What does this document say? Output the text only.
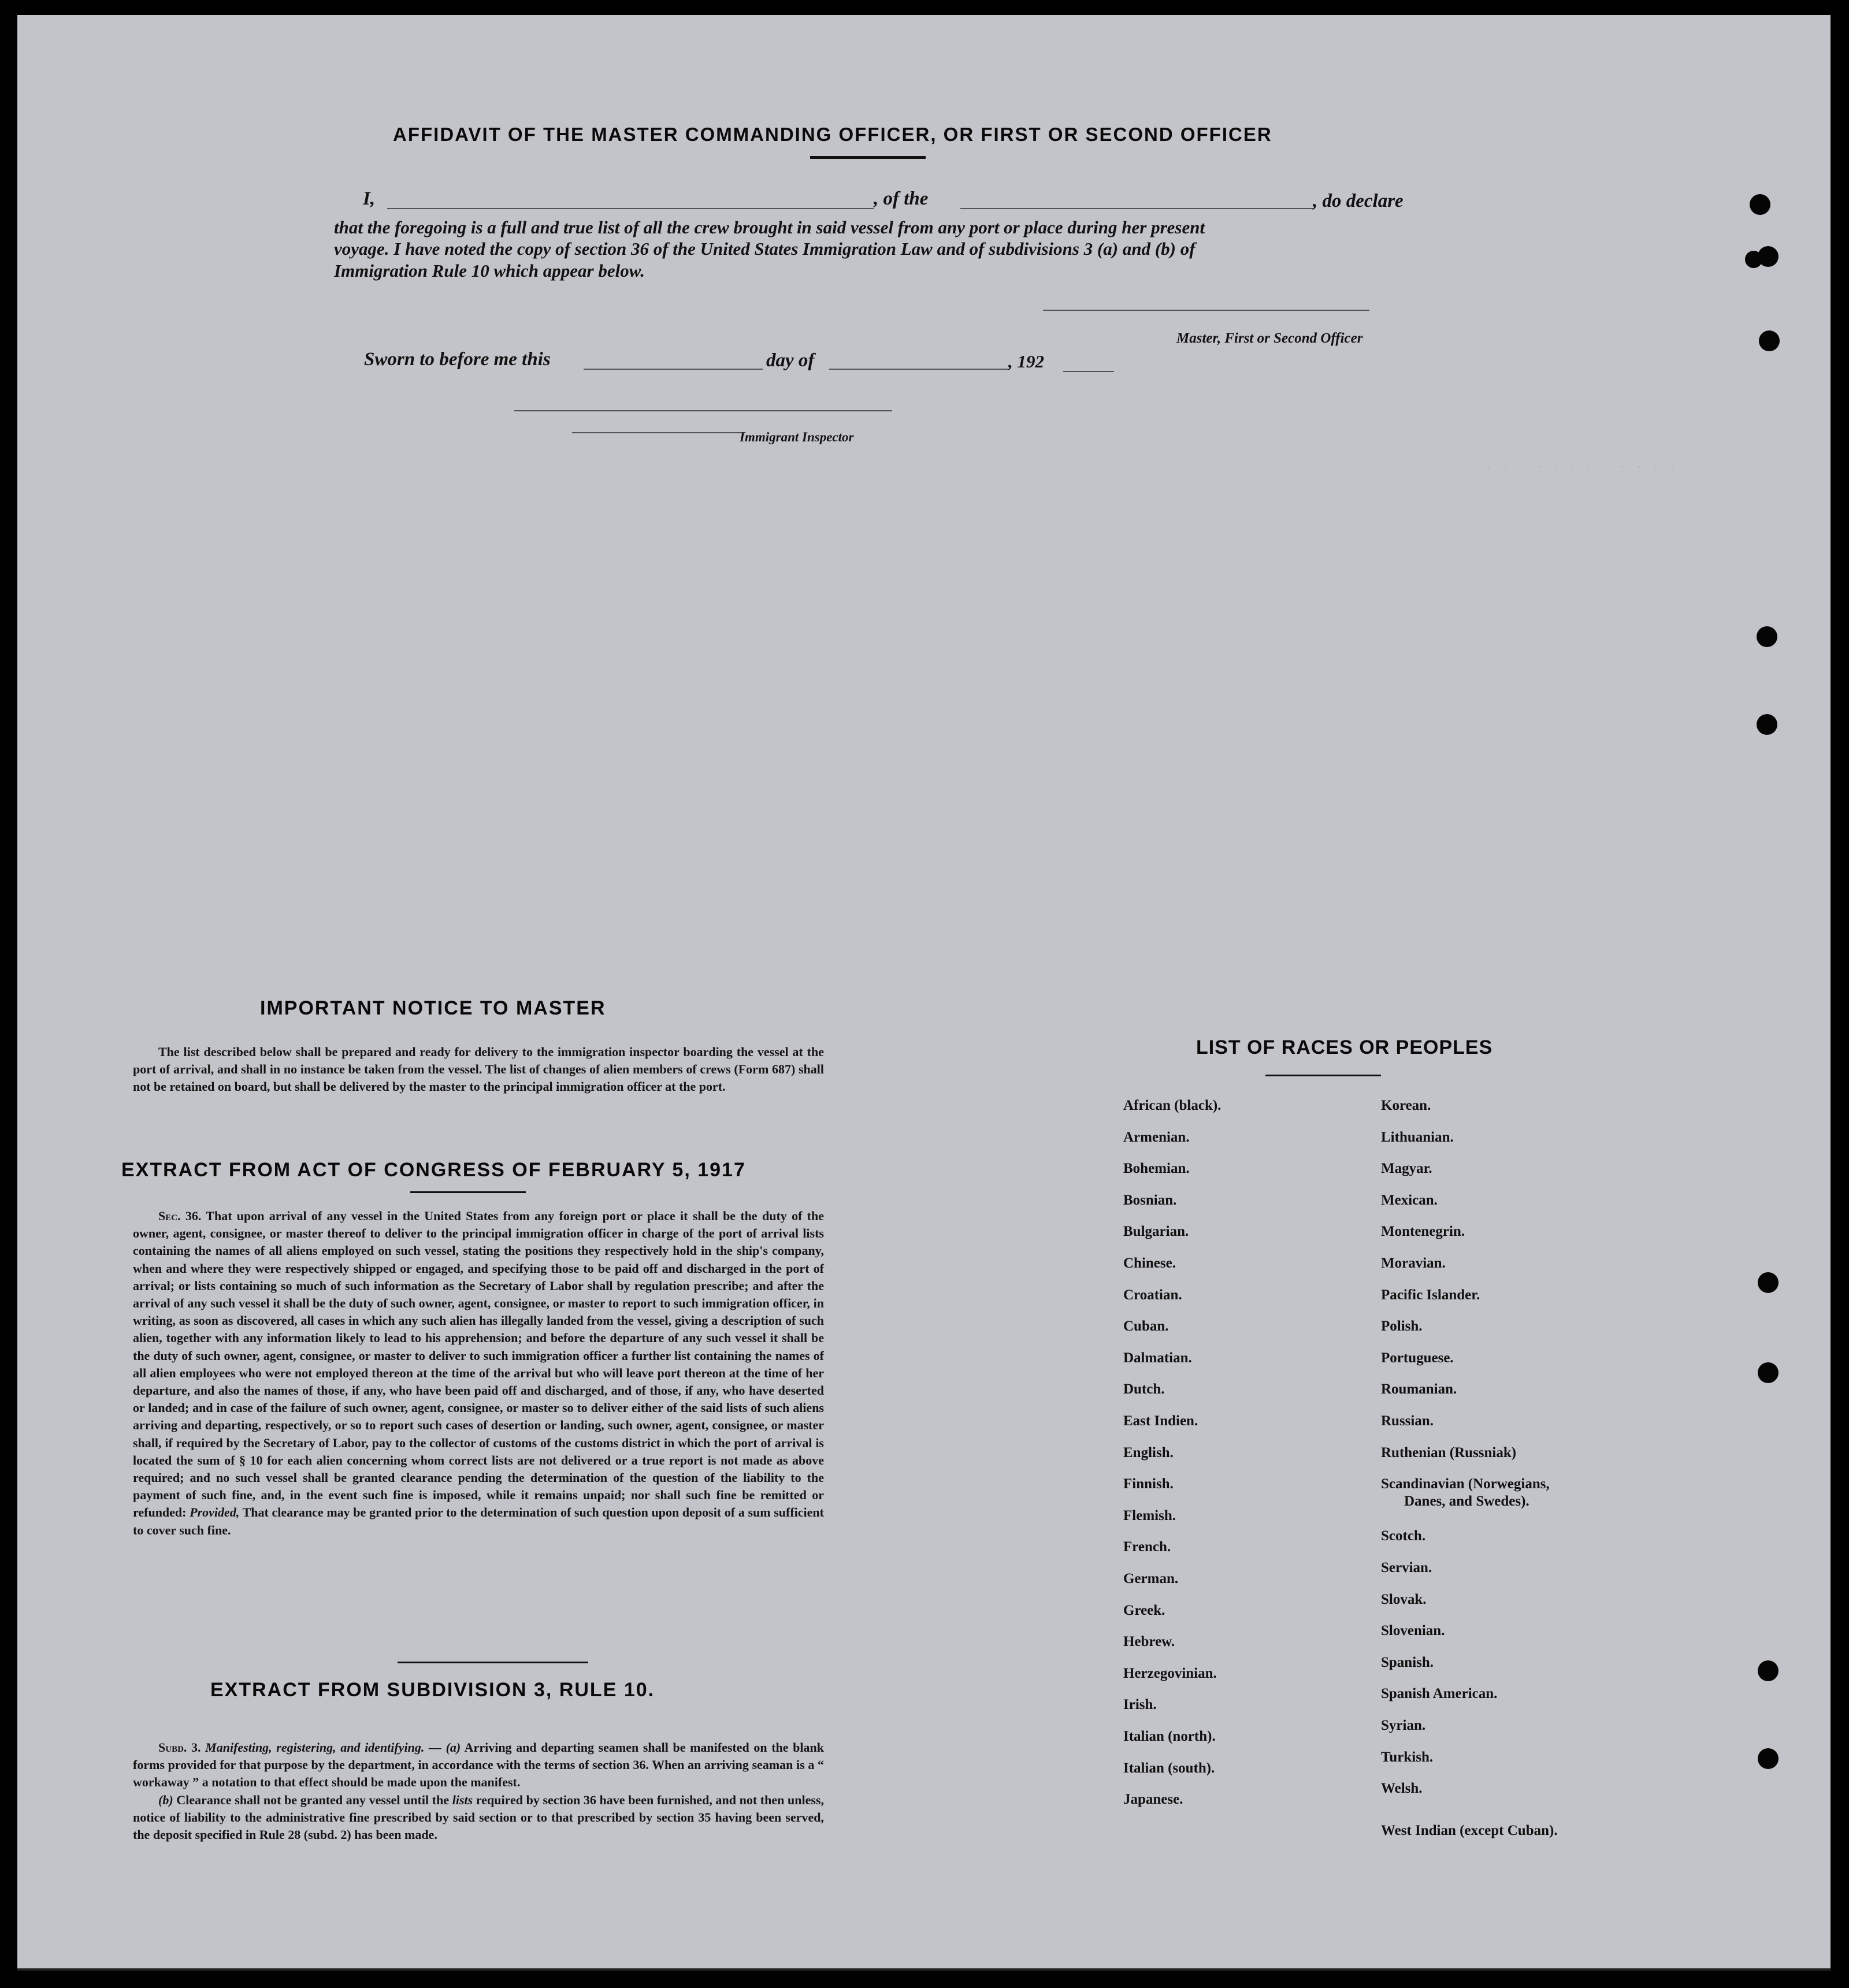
· · · · · · · · · · · ·
AFFIDAVIT OF THE MASTER COMMANDING OFFICER, OR FIRST OR SECOND OFFICER
I,	, of the	, do declare
that the foregoing is a full and true list of all the crew brought in said vessel from any port or place during her present
voyage. I have noted the copy of section 36 of the United States Immigration Law and of subdivisions 3 (a) and (b) of
Immigration Rule 10 which appear below.
Master, First or Second Officer
Sworn to before me this	day of	, 192
Immigrant Inspector
IMPORTANT NOTICE TO MASTER
The list described below shall be prepared and ready for delivery to the immigration inspector boarding the vessel at the port of arrival, and shall in no instance be taken from the vessel. The list of changes of alien members of crews (Form 687) shall not be retained on board, but shall be delivered by the master to the principal immigration officer at the port.
EXTRACT FROM ACT OF CONGRESS OF FEBRUARY 5, 1917
Sec. 36. That upon arrival of any vessel in the United States from any foreign port or place it shall be the duty of the owner, agent, consignee, or master thereof to deliver to the principal immigration officer in charge of the port of arrival lists containing the names of all aliens employed on such vessel, stating the positions they respectively hold in the ship's company, when and where they were respectively shipped or engaged, and specifying those to be paid off and discharged in the port of arrival; or lists containing so much of such information as the Secretary of Labor shall by regulation prescribe; and after the arrival of any such vessel it shall be the duty of such owner, agent, consignee, or master to report to such immigration officer, in writing, as soon as discovered, all cases in which any such alien has illegally landed from the vessel, giving a description of such alien, together with any information likely to lead to his apprehension; and before the departure of any such vessel it shall be the duty of such owner, agent, consignee, or master to deliver to such immigration officer a further list containing the names of all alien employees who were not employed thereon at the time of the arrival but who will leave port thereon at the time of her departure, and also the names of those, if any, who have been paid off and discharged, and of those, if any, who have deserted or landed; and in case of the failure of such owner, agent, consignee, or master so to deliver either of the said lists of such aliens arriving and departing, respectively, or so to report such cases of desertion or landing, such owner, agent, consignee, or master shall, if required by the Secretary of Labor, pay to the collector of customs of the customs district in which the port of arrival is located the sum of § 10 for each alien concerning whom correct lists are not delivered or a true report is not made as above required; and no such vessel shall be granted clearance pending the determination of the question of the liability to the payment of such fine, and, in the event such fine is imposed, while it remains unpaid; nor shall such fine be remitted or refunded: Provided, That clearance may be granted prior to the determination of such question upon deposit of a sum sufficient to cover such fine.
EXTRACT FROM SUBDIVISION 3, RULE 10.
Subd. 3. Manifesting, registering, and identifying. — (a) Arriving and departing seamen shall be manifested on the blank forms provided for that purpose by the department, in accordance with the terms of section 36. When an arriving seaman is a “ workaway ” a notation to that effect should be made upon the manifest.
(b) Clearance shall not be granted any vessel until the lists required by section 36 have been furnished, and not then unless, notice of liability to the administrative fine prescribed by said section or to that prescribed by section 35 having been served, the deposit specified in Rule 28 (subd. 2) has been made.
LIST OF RACES OR PEOPLES
African (black).
Armenian.
Bohemian.
Bosnian.
Bulgarian.
Chinese.
Croatian.
Cuban.
Dalmatian.
Dutch.
East Indien.
English.
Finnish.
Flemish.
French.
German.
Greek.
Hebrew.
Herzegovinian.
Irish.
Italian (north).
Italian (south).
Japanese.
Korean.
Lithuanian.
Magyar.
Mexican.
Montenegrin.
Moravian.
Pacific Islander.
Polish.
Portuguese.
Roumanian.
Russian.
Ruthenian (Russniak)
Scandinavian (Norwegians,
Danes, and Swedes).
Scotch.
Servian.
Slovak.
Slovenian.
Spanish.
Spanish American.
Syrian.
Turkish.
Welsh.
West Indian (except Cuban).
